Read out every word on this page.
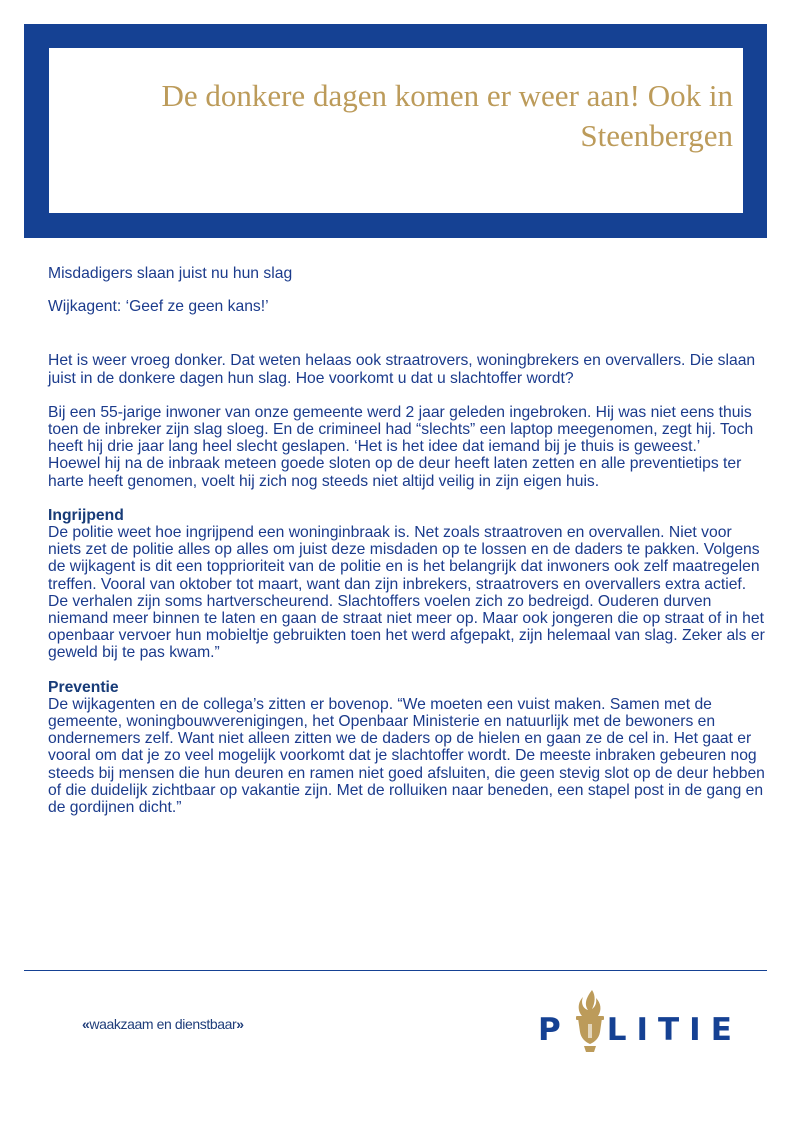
De donkere dagen komen er weer aan! Ook in Steenbergen

Misdadigers slaan juist nu hun slag

Wijkagent: ‘Geef ze geen kans!’

Het is weer vroeg donker. Dat weten helaas ook straatrovers, woningbrekers en overvallers. Die slaan juist in de donkere dagen hun slag. Hoe voorkomt u dat u slachtoffer wordt?

Bij een 55-jarige inwoner van onze gemeente werd 2 jaar geleden ingebroken. Hij was niet eens thuis toen de inbreker zijn slag sloeg. En de crimineel had “slechts” een laptop meegenomen, zegt hij. Toch heeft hij drie jaar lang heel slecht geslapen. ‘Het is het idee dat iemand bij je thuis is geweest.’

Hoewel hij na de inbraak meteen goede sloten op de deur heeft laten zetten en alle preventietips ter harte heeft genomen, voelt hij zich nog steeds niet altijd veilig in zijn eigen huis.

Ingrijpend

De politie weet hoe ingrijpend een woninginbraak is. Net zoals straatroven en overvallen. Niet voor niets zet de politie alles op alles om juist deze misdaden op te lossen en de daders te pakken. Volgens de wijkagent is dit een topprioriteit van de politie en is het belangrijk dat inwoners ook zelf maatregelen treffen. Vooral van oktober tot maart, want dan zijn inbrekers, straatrovers en overvallers extra actief. De verhalen zijn soms hartverscheurend. Slachtoffers voelen zich zo bedreigd. Ouderen durven niemand meer binnen te laten en gaan de straat niet meer op. Maar ook jongeren die op straat of in het openbaar vervoer hun mobieltje gebruikten toen het werd afgepakt, zijn helemaal van slag. Zeker als er geweld bij te pas kwam.”

Preventie

De wijkagenten en de collega’s zitten er bovenop. “We moeten een vuist maken. Samen met de gemeente, woningbouwverenigingen, het Openbaar Ministerie en natuurlijk met de bewoners en ondernemers zelf. Want niet alleen zitten we de daders op de hielen en gaan ze de cel in. Het gaat er vooral om dat je zo veel mogelijk voorkomt dat je slachtoffer wordt. De meeste inbraken gebeuren nog steeds bij mensen die hun deuren en ramen niet goed afsluiten, die geen stevig slot op de deur hebben of die duidelijk zichtbaar op vakantie zijn. Met de rolluiken naar beneden, een stapel post in de gang en de gordijnen dicht.”

«waakzaam en dienstbaar»	P LITIE
